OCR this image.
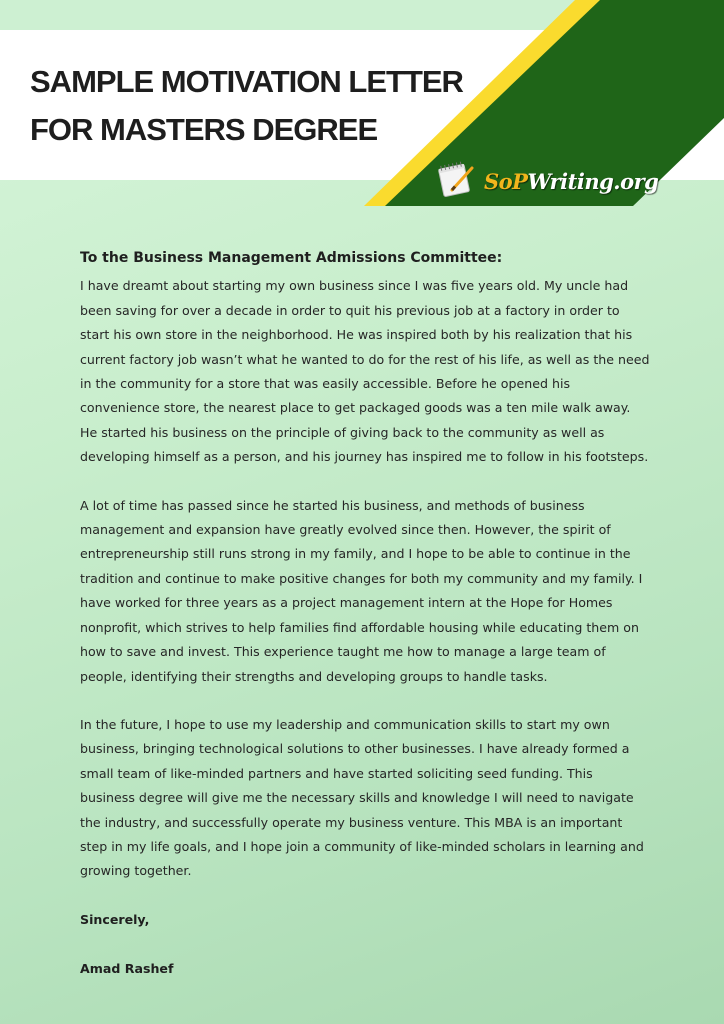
SAMPLE MOTIVATION LETTER
FOR MASTERS DEGREE
SoPWriting.org

To the Business Management Admissions Committee:

I have dreamt about starting my own business since I was five years old. My uncle had been saving for over a decade in order to quit his previous job at a factory in order to start his own store in the neighborhood. He was inspired both by his realization that his current factory job wasn’t what he wanted to do for the rest of his life, as well as the need in the community for a store that was easily accessible. Before he opened his convenience store, the nearest place to get packaged goods was a ten mile walk away. He started his business on the principle of giving back to the community as well as developing himself as a person, and his journey has inspired me to follow in his footsteps.

A lot of time has passed since he started his business, and methods of business management and expansion have greatly evolved since then. However, the spirit of entrepreneurship still runs strong in my family, and I hope to be able to continue in the tradition and continue to make positive changes for both my community and my family. I have worked for three years as a project management intern at the Hope for Homes nonprofit, which strives to help families find affordable housing while educating them on how to save and invest. This experience taught me how to manage a large team of people, identifying their strengths and developing groups to handle tasks.

In the future, I hope to use my leadership and communication skills to start my own business, bringing technological solutions to other businesses. I have already formed a small team of like-minded partners and have started soliciting seed funding. This business degree will give me the necessary skills and knowledge I will need to navigate the industry, and successfully operate my business venture. This MBA is an important step in my life goals, and I hope join a community of like-minded scholars in learning and growing together.

Sincerely,

Amad Rashef
